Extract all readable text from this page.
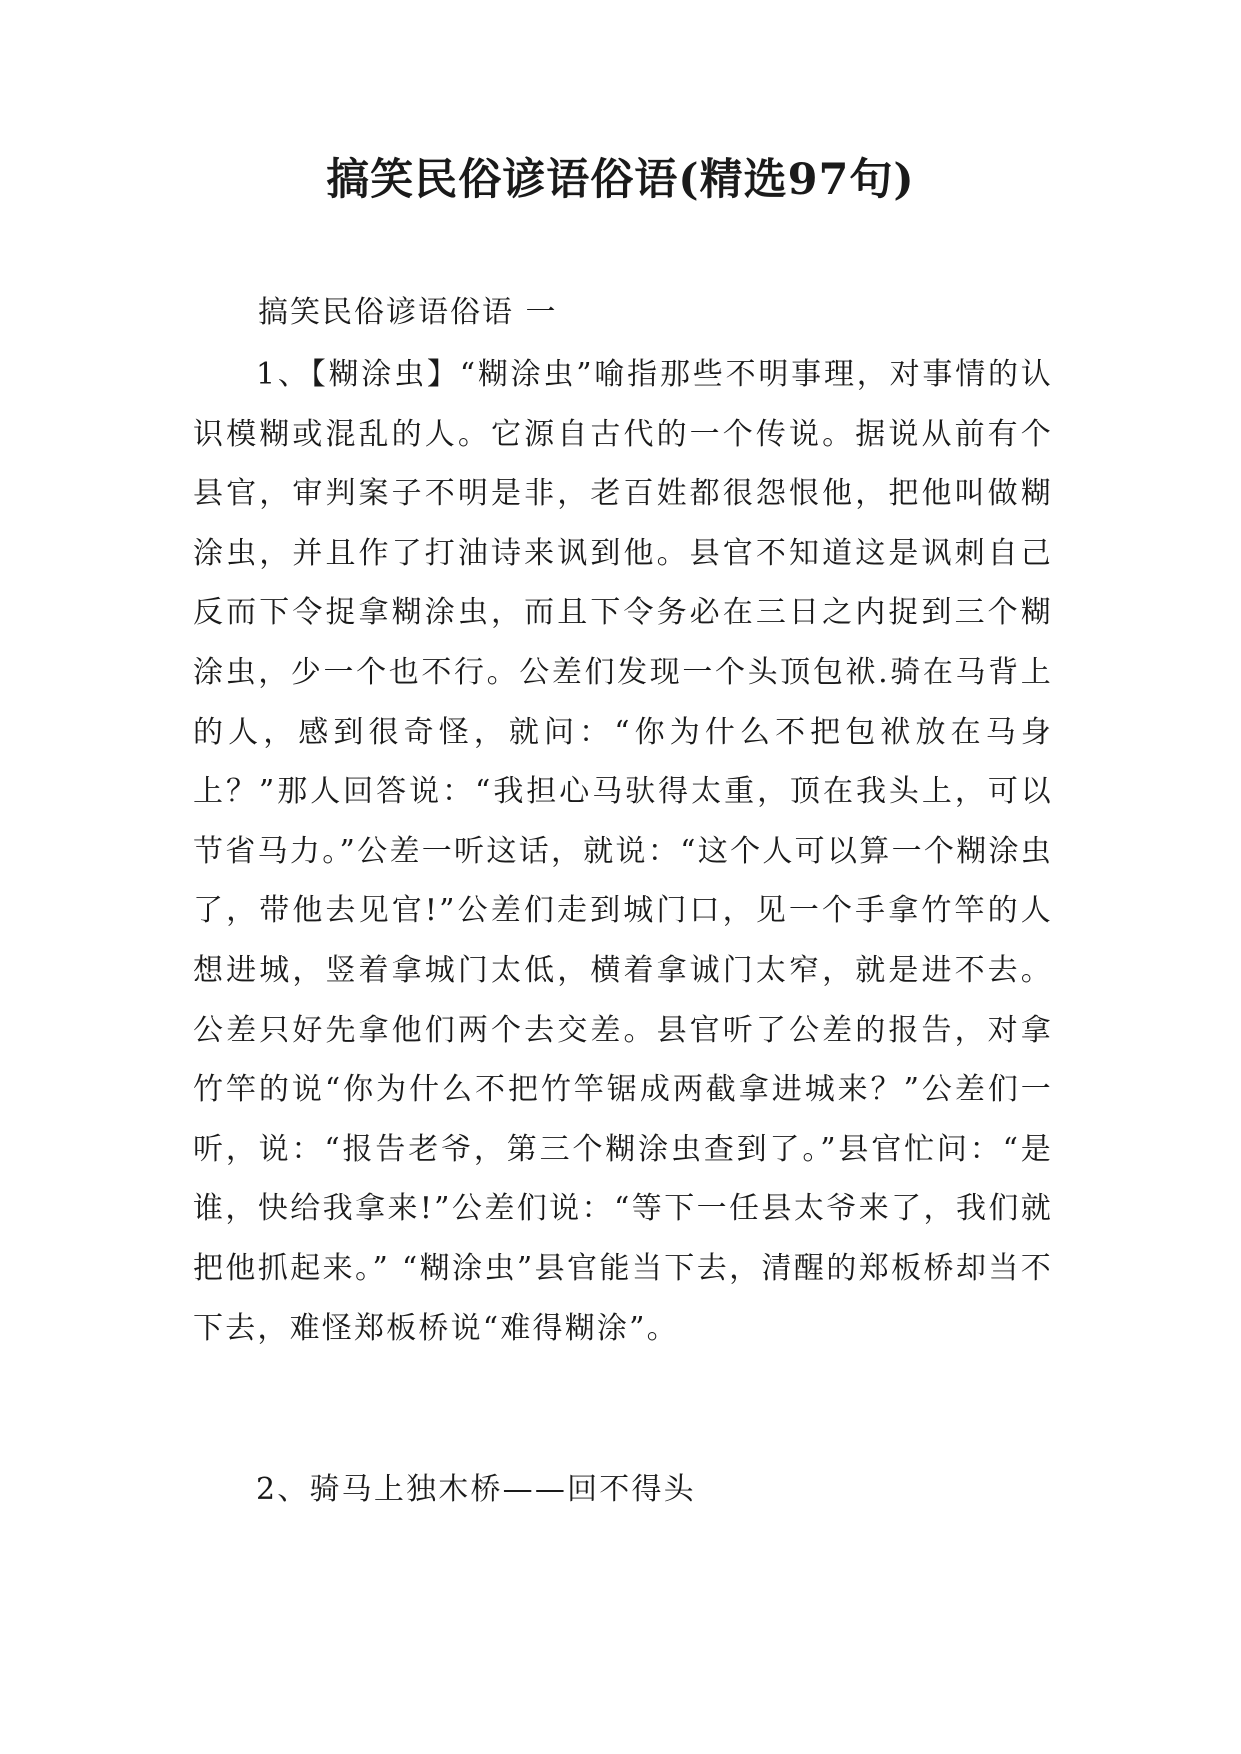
搞笑民俗谚语俗语(精选97句)

搞笑民俗谚语俗语 一

1、【糊涂虫】“糊涂虫”喻指那些不明事理，对事情的认识模糊或混乱的人。它源自古代的一个传说。据说从前有个县官，审判案子不明是非，老百姓都很怨恨他，把他叫做糊涂虫，并且作了打油诗来讽到他。县官不知道这是讽刺自己反而下令捉拿糊涂虫，而且下令务必在三日之内捉到三个糊涂虫，少一个也不行。公差们发现一个头顶包袱.骑在马背上的人，感到很奇怪，就问：“你为什么不把包袱放在马身上？”那人回答说：“我担心马驮得太重，顶在我头上，可以节省马力。”公差一听这话，就说：“这个人可以算一个糊涂虫了，带他去见官!”公差们走到城门口，见一个手拿竹竿的人想进城，竖着拿城门太低，横着拿诚门太窄，就是进不去。公差只好先拿他们两个去交差。县官听了公差的报告，对拿竹竿的说“你为什么不把竹竿锯成两截拿进城来？”公差们一听，说：“报告老爷，第三个糊涂虫查到了。”县官忙问：“是谁，快给我拿来!”公差们说：“等下一任县太爷来了，我们就把他抓起来。” “糊涂虫”县官能当下去，清醒的郑板桥却当不下去，难怪郑板桥说“难得糊涂”。

2、骑马上独木桥——回不得头
